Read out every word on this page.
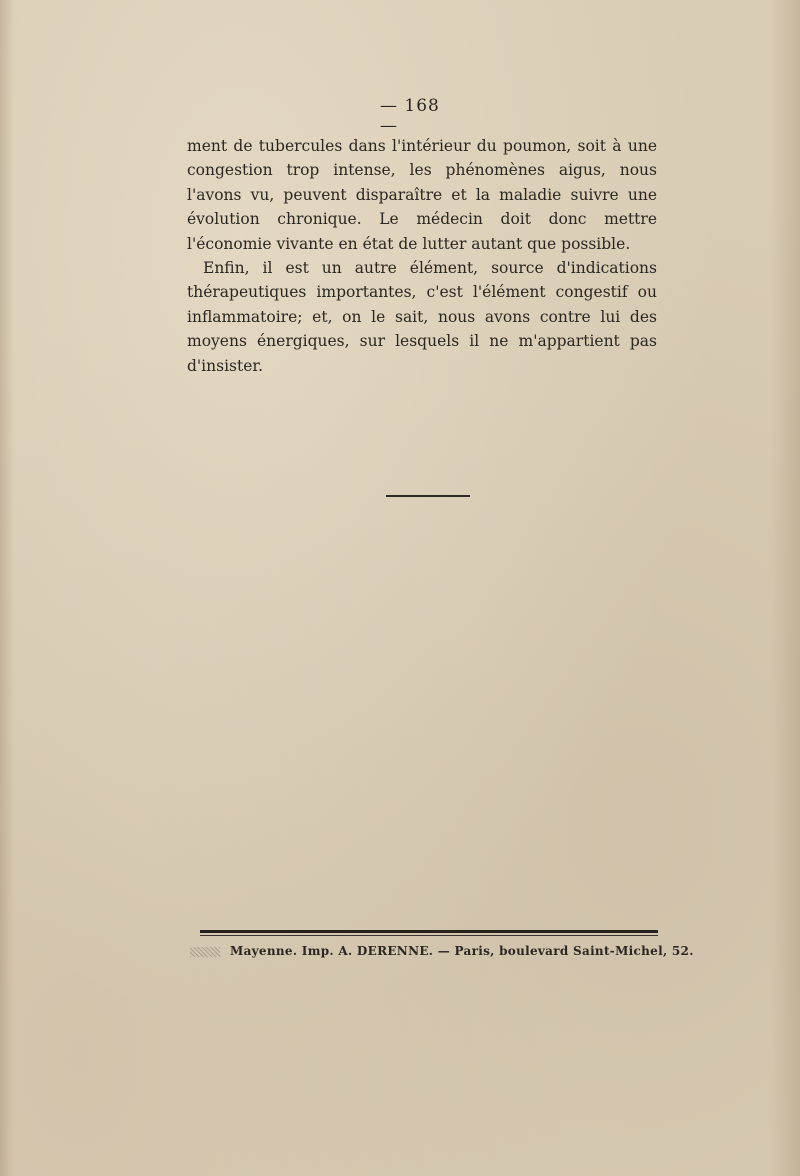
— 168 —

ment de tubercules dans l'intérieur du poumon, soit à une congestion trop intense, les phénomènes aigus, nous l'avons vu, peuvent disparaître et la maladie suivre une évolution chronique. Le médecin doit donc mettre l'économie vivante en état de lutter autant que possible.

Enfin, il est un autre élément, source d'indications thérapeutiques importantes, c'est l'élément congestif ou inflammatoire; et, on le sait, nous avons contre lui des moyens énergiques, sur lesquels il ne m'appartient pas d'insister.

Mayenne. Imp. A. DERENNE. — Paris, boulevard Saint-Michel, 52.
